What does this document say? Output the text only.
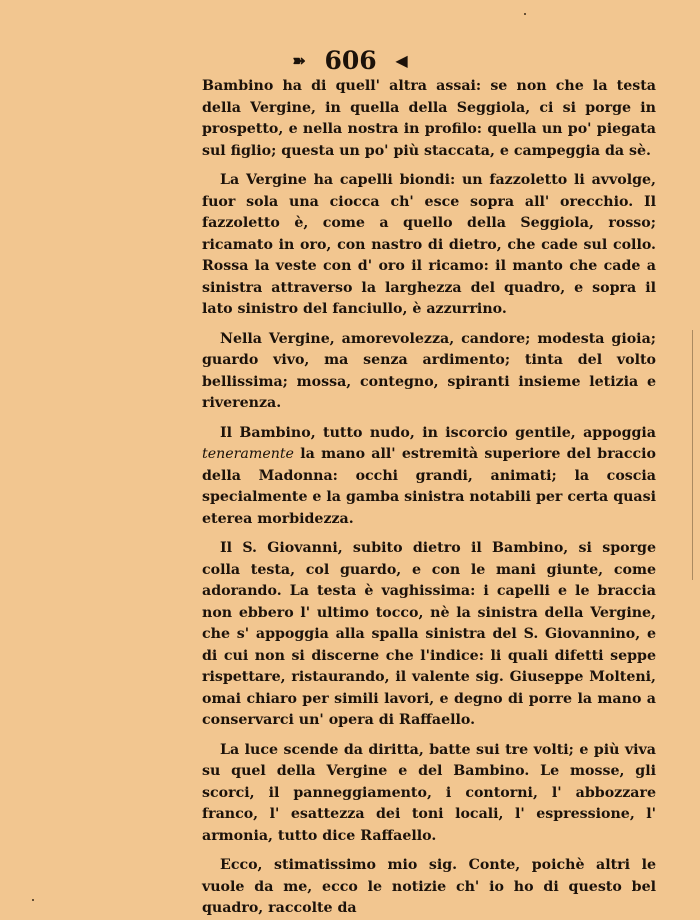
➽ 606 ◀

Bambino ha di quell' altra assai: se non che la testa della Vergine, in quella della Seggiola, ci si porge in prospetto, e nella nostra in profilo: quella un po' piegata sul figlio; questa un po' più staccata, e campeggia da sè.

La Vergine ha capelli biondi: un fazzoletto li avvolge, fuor sola una ciocca ch' esce sopra all' orecchio. Il fazzoletto è, come a quello della Seggiola, rosso; ricamato in oro, con nastro di dietro, che cade sul collo. Rossa la veste con d' oro il ricamo: il manto che cade a sinistra attraverso la larghezza del quadro, e sopra il lato sinistro del fanciullo, è azzurrino.

Nella Vergine, amorevolezza, candore; modesta gioia; guardo vivo, ma senza ardimento; tinta del volto bellissima; mossa, contegno, spiranti insieme letizia e riverenza.

Il Bambino, tutto nudo, in iscorcio gentile, appoggia teneramente la mano all' estremità superiore del braccio della Madonna: occhi grandi, animati; la coscia specialmente e la gamba sinistra notabili per certa quasi eterea morbidezza.

Il S. Giovanni, subito dietro il Bambino, si sporge colla testa, col guardo, e con le mani giunte, come adorando. La testa è vaghissima: i capelli e le braccia non ebbero l' ultimo tocco, nè la sinistra della Vergine, che s' appoggia alla spalla sinistra del S. Giovannino, e di cui non si discerne che l'indice: li quali difetti seppe rispettare, ristaurando, il valente sig. Giuseppe Molteni, omai chiaro per simili lavori, e degno di porre la mano a conservarci un' opera di Raffaello.

La luce scende da diritta, batte sui tre volti; e più viva su quel della Vergine e del Bambino. Le mosse, gli scorci, il panneggiamento, i contorni, l' abbozzare franco, l' esattezza dei toni locali, l' espressione, l' armonia, tutto dice Raffaello.

Ecco, stimatissimo mio sig. Conte, poichè altri le vuole da me, ecco le notizie ch' io ho di questo bel quadro, raccolte da
